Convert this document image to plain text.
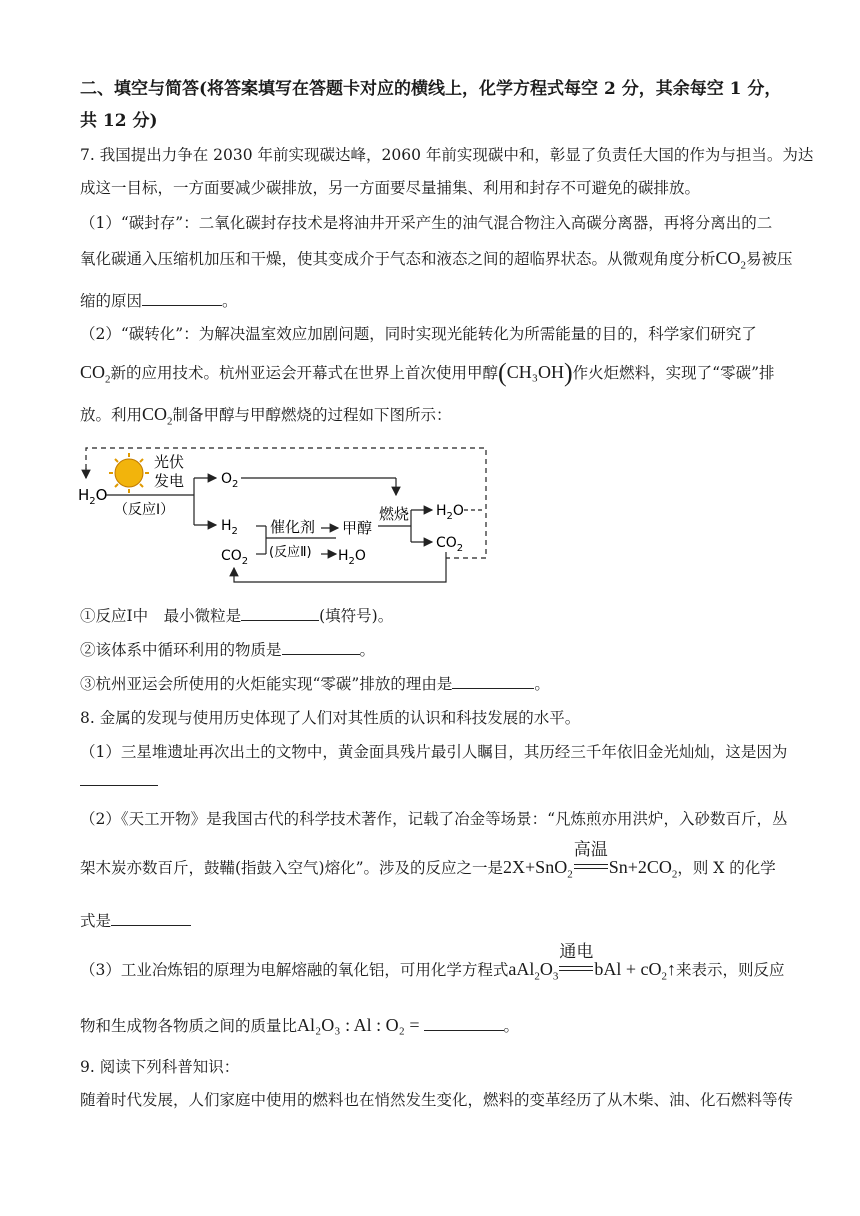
二、填空与简答(将答案填写在答题卡对应的横线上，化学方程式每空 2 分，其余每空 1 分，
共 12 分)
7. 我国提出力争在 2030 年前实现碳达峰，2060 年前实现碳中和，彰显了负责任大国的作为与担当。为达
成这一目标，一方面要减少碳排放，另一方面要尽量捕集、利用和封存不可避免的碳排放。
（1）“碳封存”：二氧化碳封存技术是将油井开采产生的油气混合物注入高碳分离器，再将分离出的二
氧化碳通入压缩机加压和干燥，使其变成介于气态和液态之间的超临界状态。从微观角度分析$CO_2$易被压
缩的原因	。
（2）“碳转化”：为解决温室效应加剧问题，同时实现光能转化为所需能量的目的，科学家们研究了
$CO_2$新的应用技术。杭州亚运会开幕式在世界上首次使用甲醇(CH₃OH)作火炬燃料，实现了“零碳”排
放。利用$CO_2$制备甲醇与甲醇燃烧的过程如下图所示：
光伏
发电
$H_2O$
（反应Ⅰ）
$O_2$
$H_2$
$CO_2$
催化剂
(反应Ⅱ)
甲醇
$H_2O$
燃烧 $H_2O$
$CO_2$
①反应Ⅰ中　最小微粒是	(填符号)。
②该体系中循环利用的物质是	。
③杭州亚运会所使用的火炬能实现“零碳”排放的理由是	。
8. 金属的发现与使用历史体现了人们对其性质的认识和科技发展的水平。
（1）三星堆遗址再次出土的文物中，黄金面具残片最引人瞩目，其历经三千年依旧金光灿灿，这是因为
（2）《天工开物》是我国古代的科学技术著作，记载了冶金等场景：“凡炼煎亦用洪炉，入砂数百斤，丛
架木炭亦数百斤，鼓鞴(指鼓入空气)熔化”。涉及的反应之一是2X+SnO$_2$
高温
$Sn+2CO_2$，则 X 的化学
式是
（3）工业冶炼铝的原理为电解熔融的氧化铝，可用化学方程式$aAl_2O_3$
通电
bAl + $cO_2↑$来表示，则反应
物和生成物各物质之间的质量比Al₂O₃ : Al : O₂ =	。
9. 阅读下列科普知识：
随着时代发展，人们家庭中使用的燃料也在悄然发生变化，燃料的变革经历了从木柴、油、化石燃料等传
